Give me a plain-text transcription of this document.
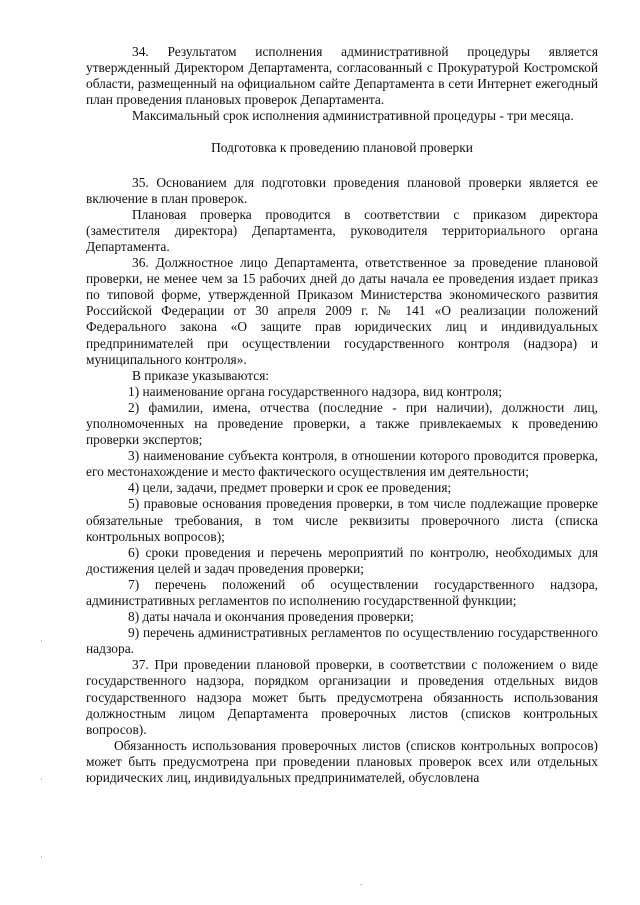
34. Результатом исполнения административной процедуры является утвержденный Директором Департамента, согласованный с Прокуратурой Костромской области, размещенный на официальном сайте Департамента в сети Интернет ежегодный план проведения плановых проверок Департамента.

Максимальный срок исполнения административной процедуры - три месяца.

Подготовка к проведению плановой проверки

35. Основанием для подготовки проведения плановой проверки является ее включение в план проверок.

Плановая проверка проводится в соответствии с приказом директора (заместителя директора) Департамента, руководителя территориального органа Департамента.

36. Должностное лицо Департамента, ответственное за проведение плановой проверки, не менее чем за 15 рабочих дней до даты начала ее проведения издает приказ по типовой форме, утвержденной Приказом Министерства экономического развития Российской Федерации от 30 апреля 2009 г. № 141 «О реализации положений Федерального закона «О защите прав юридических лиц и индивидуальных предпринимателей при осуществлении государственного контроля (надзора) и муниципального контроля».

В приказе указываются:

1) наименование органа государственного надзора, вид контроля;

2) фамилии, имена, отчества (последние - при наличии), должности лиц, уполномоченных на проведение проверки, а также привлекаемых к проведению проверки экспертов;

3) наименование субъекта контроля, в отношении которого проводится проверка, его местонахождение и место фактического осуществления им деятельности;

4) цели, задачи, предмет проверки и срок ее проведения;

5) правовые основания проведения проверки, в том числе подлежащие проверке обязательные требования, в том числе реквизиты проверочного листа (списка контрольных вопросов);

6) сроки проведения и перечень мероприятий по контролю, необходимых для достижения целей и задач проведения проверки;

7) перечень положений об осуществлении государственного надзора, административных регламентов по исполнению государственной функции;

8) даты начала и окончания проведения проверки;

9) перечень административных регламентов по осуществлению государственного надзора.

37. При проведении плановой проверки, в соответствии с положением о виде государственного надзора, порядком организации и проведения отдельных видов государственного надзора может быть предусмотрена обязанность использования должностным лицом Департамента проверочных листов (списков контрольных вопросов).

Обязанность использования проверочных листов (списков контрольных вопросов) может быть предусмотрена при проведении плановых проверок всех или отдельных юридических лиц, индивидуальных предпринимателей, обусловлена
